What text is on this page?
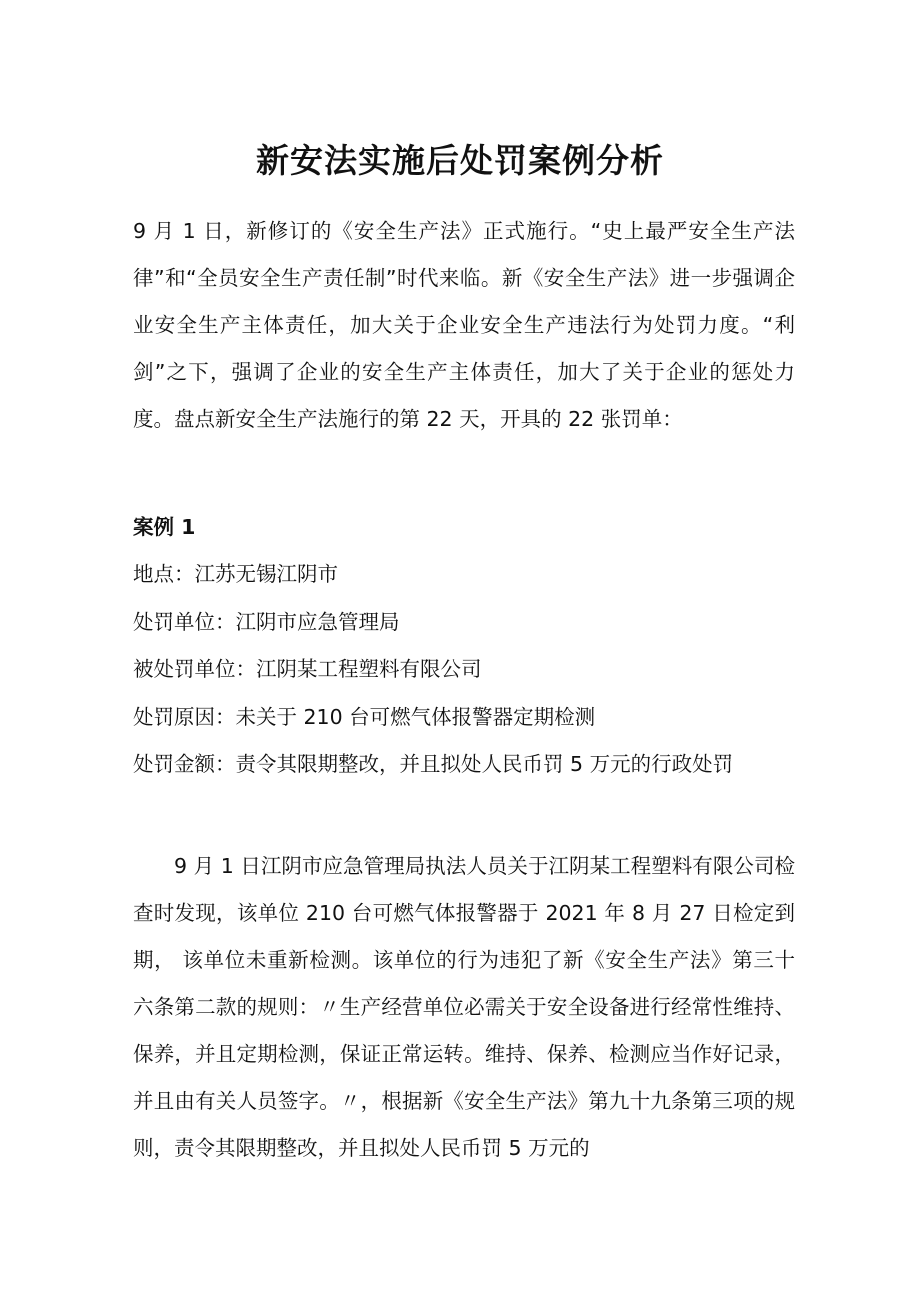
新安法实施后处罚案例分析

9 月 1 日，新修订的《安全生产法》正式施行。“史上最严安全生产法律”和“全员安全生产责任制”时代来临。新《安全生产法》进一步强调企业安全生产主体责任，加大关于企业安全生产违法行为处罚力度。“利剑”之下，强调了企业的安全生产主体责任，加大了关于企业的惩处力度。盘点新安全生产法施行的第 22 天，开具的 22 张罚单：

案例 1
地点：江苏无锡江阴市
处罚单位：江阴市应急管理局
被处罚单位：江阴某工程塑料有限公司
处罚原因：未关于 210 台可燃气体报警器定期检测
处罚金额：责令其限期整改，并且拟处人民币罚 5 万元的行政处罚

9 月 1 日江阴市应急管理局执法人员关于江阴某工程塑料有限公司检查时发现，该单位 210 台可燃气体报警器于 2021 年 8 月 27 日检定到期， 该单位未重新检测。该单位的行为违犯了新《安全生产法》第三十六条第二款的规则：〃生产经营单位必需关于安全设备进行经常性维持、保养，并且定期检测，保证正常运转。维持、保养、检测应当作好记录，并且由有关人员签字。〃，根据新《安全生产法》第九十九条第三项的规则，责令其限期整改，并且拟处人民币罚 5 万元的
